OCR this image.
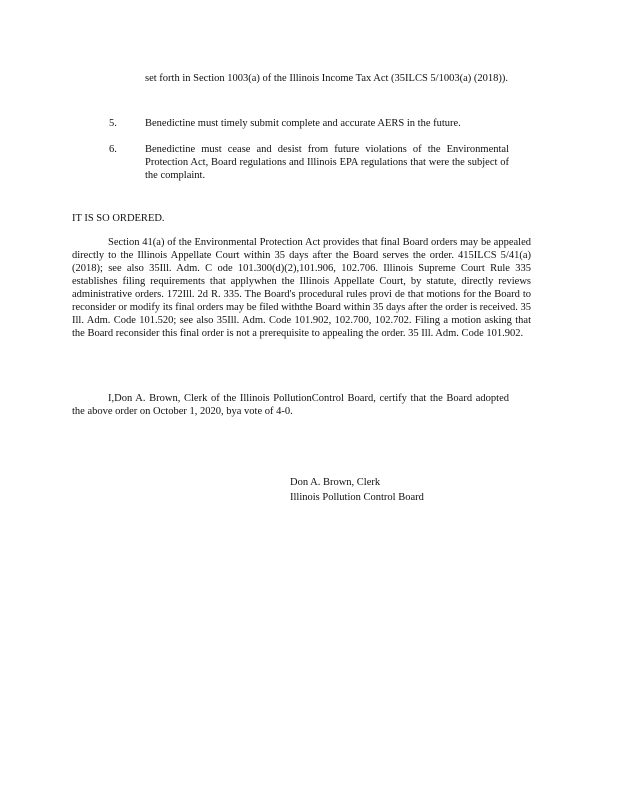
set forth in Section 1003(a) of the Illinois Income Tax Act (35ILCS 5/1003(a) (2018)).
5.	Benedictine must timely submit complete and accurate AERS in the future.
6.	Benedictine must cease and desist from future violations of the Environmental Protection Act, Board regulations and Illinois EPA regulations that were the subject of the complaint.
IT IS SO ORDERED.

Section 41(a) of the Environmental Protection Act provides that final Board orders may be appealed directly to the Illinois Appellate Court within 35 days after the Board serves the order. 415ILCS 5/41(a) (2018); see also 35Ill. Adm. C ode 101.300(d)(2),101.906, 102.706. Illinois Supreme Court Rule 335 establishes filing requirements that applywhen the Illinois Appellate Court, by statute, directly reviews administrative orders. 172Ill. 2d R. 335. The Board's procedural rules provi de that motions for the Board to reconsider or modify its final orders may be filed withthe Board within 35 days after the order is received. 35 Ill. Adm. Code 101.520; see also 35Ill. Adm. Code 101.902, 102.700, 102.702. Filing a motion asking that the Board reconsider this final order is not a prerequisite to appealing the order. 35 Ill. Adm. Code 101.902.

I,Don A. Brown, Clerk of the Illinois PollutionControl Board, certify that the Board adopted the above order on October 1, 2020, bya vote of 4-0.

Don A. Brown, Clerk
Illinois Pollution Control Board
